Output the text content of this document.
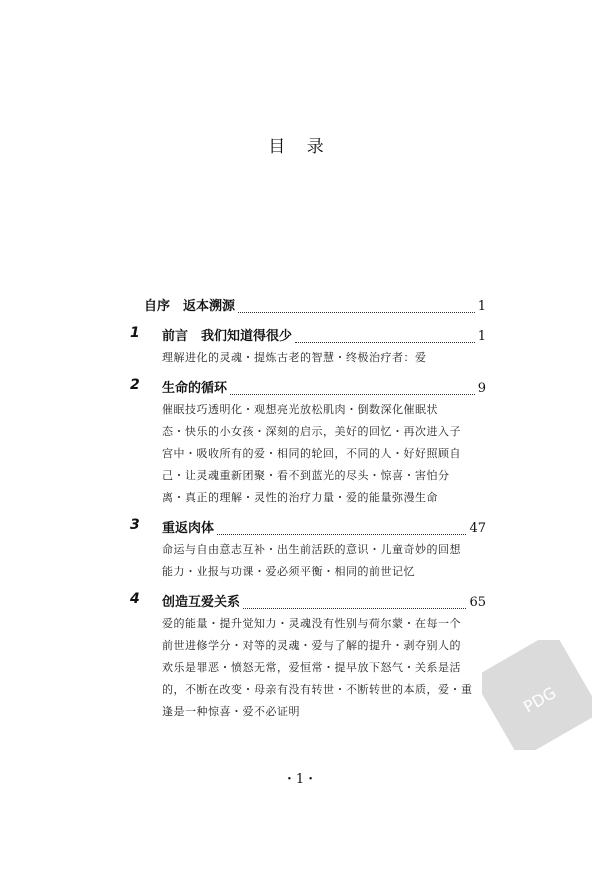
目 录
自序　返本溯源	1
1	前言　我们知道得很少	1

理解进化的灵魂・提炼古老的智慧・终极治疗者：爱

2	生命的循环	9

催眠技巧透明化・观想亮光放松肌肉・倒数深化催眠状

态・快乐的小女孩・深刻的启示，美好的回忆・再次进入子

宫中・吸收所有的爱・相同的轮回，不同的人・好好照顾自

己・让灵魂重新团聚・看不到蓝光的尽头・惊喜・害怕分

离・真正的理解・灵性的治疗力量・爱的能量弥漫生命

3	重返肉体	47

命运与自由意志互补・出生前活跃的意识・儿童奇妙的回想

能力・业报与功课・爱必须平衡・相同的前世记忆

4	创造互爱关系	65

爱的能量・提升觉知力・灵魂没有性别与荷尔蒙・在每一个

前世进修学分・对等的灵魂・爱与了解的提升・剥夺别人的

欢乐是罪恶・愤怒无常，爱恒常・提早放下怒气・关系是活

的，不断在改变・母亲有没有转世・不断转世的本质，爱・重

逢是一种惊喜・爱不必证明

・1・
PDG
